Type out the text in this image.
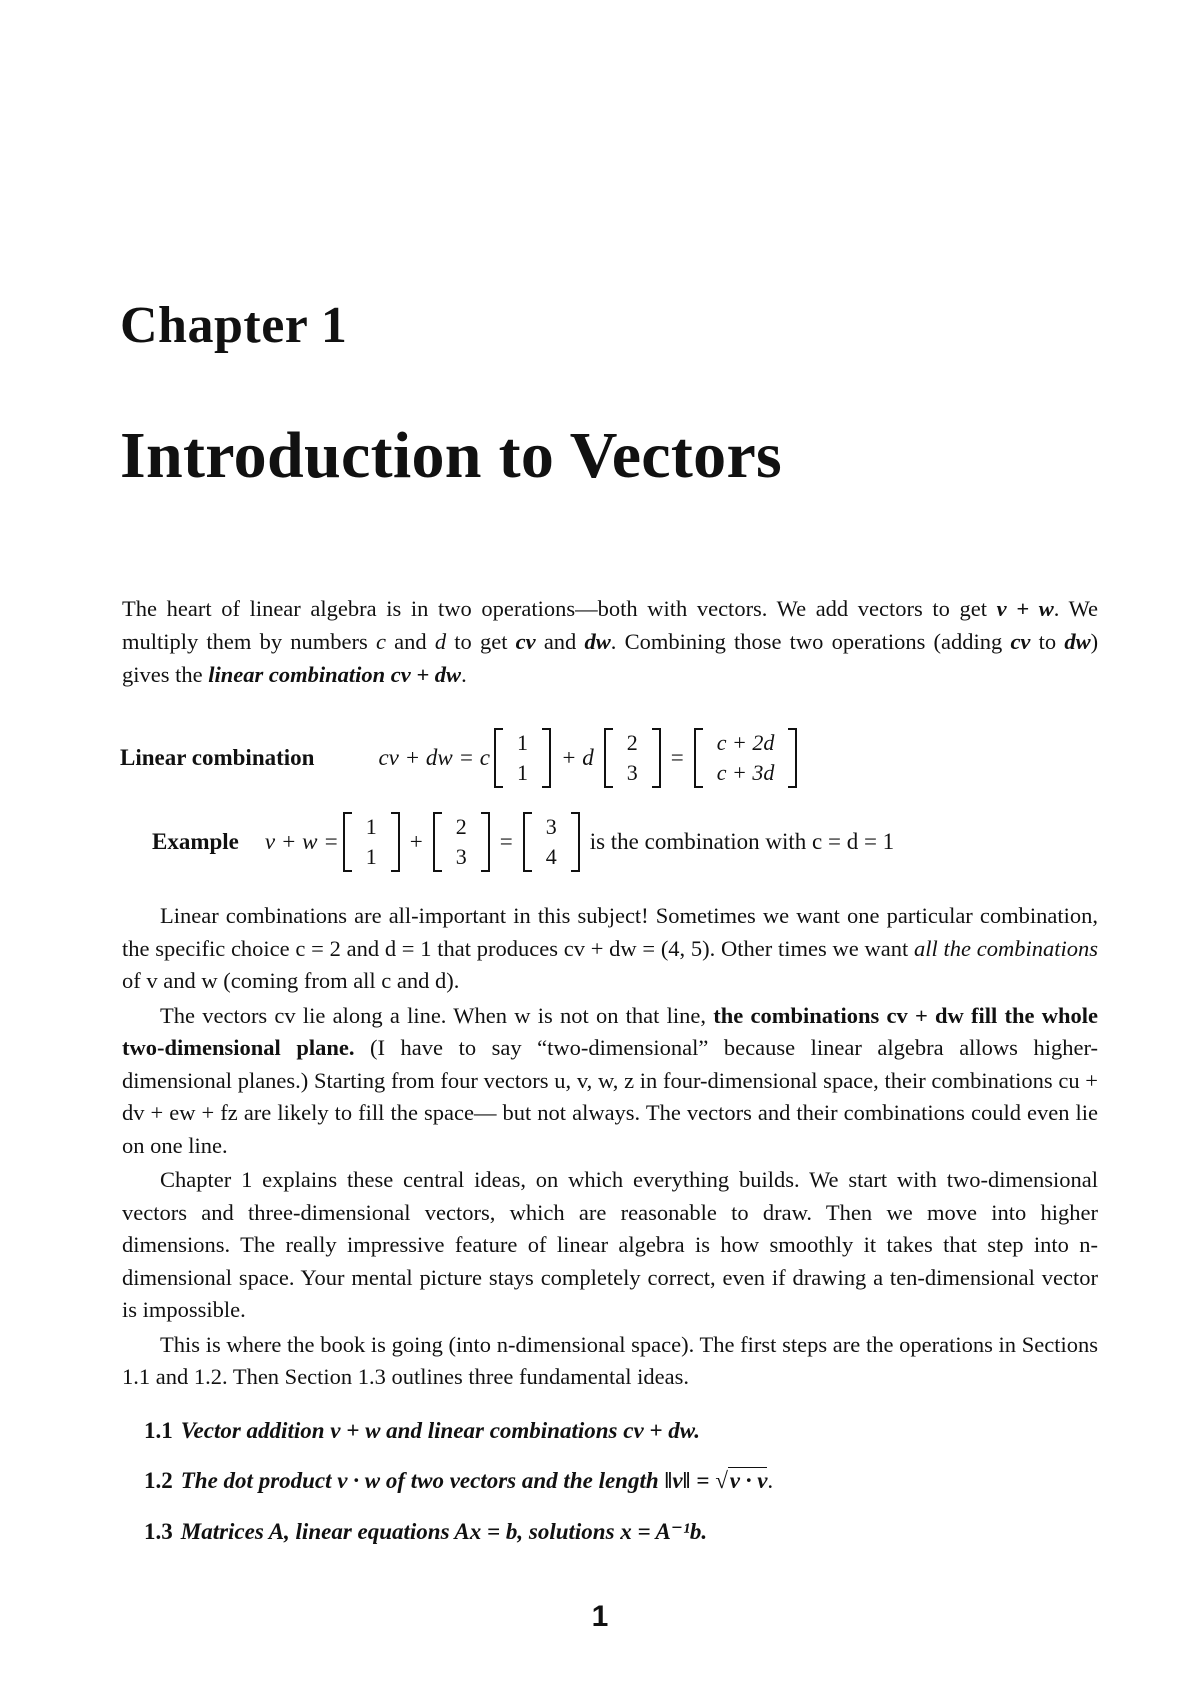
Chapter 1
Introduction to Vectors
The heart of linear algebra is in two operations—both with vectors. We add vectors to get v + w. We multiply them by numbers c and d to get cv and dw. Combining those two operations (adding cv to dw) gives the linear combination cv + dw.
Linear combination	cv + dw = c
1
1
+ d
2
3
=
c + 2d
c + 3d
Example v + w =
1
1
+
2
3
=
3
4
is the combination with c = d = 1

Linear combinations are all-important in this subject! Sometimes we want one particular combination, the specific choice c = 2 and d = 1 that produces cv + dw = (4, 5). Other times we want all the combinations of v and w (coming from all c and d).

The vectors cv lie along a line. When w is not on that line, the combinations cv + dw fill the whole two-dimensional plane. (I have to say “two-dimensional” because linear algebra allows higher-dimensional planes.) Starting from four vectors u, v, w, z in four-dimensional space, their combinations cu + dv + ew + fz are likely to fill the space— but not always. The vectors and their combinations could even lie on one line.

Chapter 1 explains these central ideas, on which everything builds. We start with two-dimensional vectors and three-dimensional vectors, which are reasonable to draw. Then we move into higher dimensions. The really impressive feature of linear algebra is how smoothly it takes that step into n-dimensional space. Your mental picture stays completely correct, even if drawing a ten-dimensional vector is impossible.

This is where the book is going (into n-dimensional space). The first steps are the operations in Sections 1.1 and 1.2. Then Section 1.3 outlines three fundamental ideas.

1.1 Vector addition v + w and linear combinations cv + dw.
1.2 The dot product v · w of two vectors and the length ‖v‖ = √v · v.
1.3 Matrices A, linear equations Ax = b, solutions x = A⁻¹b.
1
